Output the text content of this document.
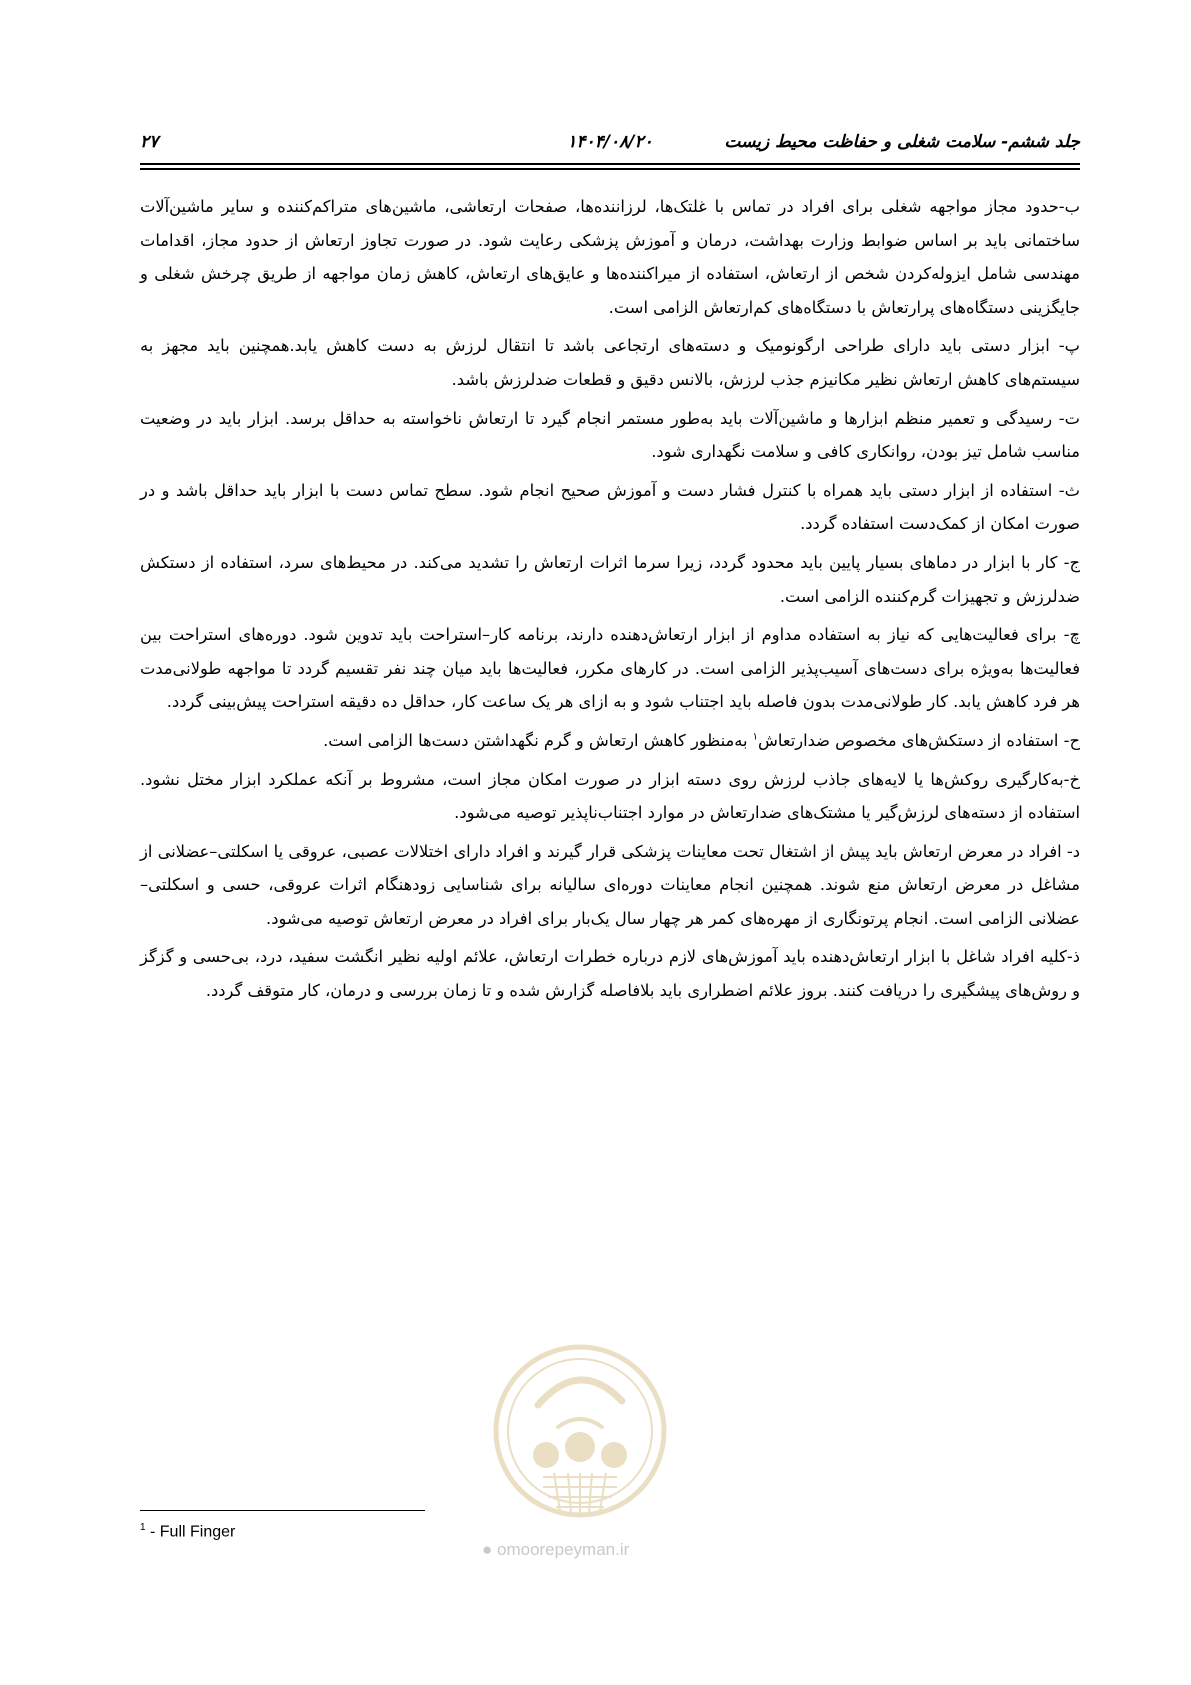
جلد ششم- سلامت شغلی و حفاظت محیط زیست
۱۴۰۴/۰۸/۲۰
۲۷

ب-حدود مجاز مواجهه شغلی برای افراد در تماس با غلتک‌ها، لرزاننده‌ها، صفحات ارتعاشی، ماشین‌های متراکم‌کننده و سایر ماشین‌آلات ساختمانی باید بر اساس ضوابط وزارت بهداشت، درمان و آموزش پزشکی رعایت شود. در صورت تجاوز ارتعاش از حدود مجاز، اقدامات مهندسی شامل ایزوله‌کردن شخص از ارتعاش، استفاده از میراکننده‌ها و عایق‌های ارتعاش، کاهش زمان مواجهه از طریق چرخش شغلی و جایگزینی دستگاه‌های پرارتعاش با دستگاه‌های کم‌ارتعاش الزامی است.

پ- ابزار دستی باید دارای طراحی ارگونومیک و دسته‌های ارتجاعی باشد تا انتقال لرزش به دست کاهش یابد.همچنین باید مجهز به سیستم‌های کاهش ارتعاش نظیر مکانیزم جذب لرزش، بالانس دقیق و قطعات ضدلرزش باشد.

ت- رسیدگی و تعمیر منظم ابزارها و ماشین‌آلات باید به‌طور مستمر انجام گیرد تا ارتعاش ناخواسته به حداقل برسد. ابزار باید در وضعیت مناسب شامل تیز بودن، روانکاری کافی و سلامت نگهداری شود.

ث- استفاده از ابزار دستی باید همراه با کنترل فشار دست و آموزش صحیح انجام شود. سطح تماس دست با ابزار باید حداقل باشد و در صورت امکان از کمک‌دست استفاده گردد.

ج- کار با ابزار در دماهای بسیار پایین باید محدود گردد، زیرا سرما اثرات ارتعاش را تشدید می‌کند. در محیط‌های سرد، استفاده از دستکش ضدلرزش و تجهیزات گرم‌کننده الزامی است.

چ- برای فعالیت‌هایی که نیاز به استفاده مداوم از ابزار ارتعاش‌دهنده دارند، برنامه کار–استراحت باید تدوین شود. دوره‌های استراحت بین فعالیت‌ها به‌ویژه برای دست‌های آسیب‌پذیر الزامی است. در کارهای مکرر، فعالیت‌ها باید میان چند نفر تقسیم گردد تا مواجهه طولانی‌مدت هر فرد کاهش یابد. کار طولانی‌مدت بدون فاصله باید اجتناب شود و به ازای هر یک ساعت کار، حداقل ده دقیقه استراحت پیش‌بینی گردد.

ح- استفاده از دستکش‌های مخصوص ضدارتعاش$^۱$ به‌منظور کاهش ارتعاش و گرم نگهداشتن دست‌ها الزامی است.

خ-به‌کارگیری روکش‌ها یا لایه‌های جاذب لرزش روی دسته ابزار در صورت امکان مجاز است، مشروط بر آنکه عملکرد ابزار مختل نشود. استفاده از دسته‌های لرزش‌گیر یا مشتک‌های ضدارتعاش در موارد اجتناب‌ناپذیر توصیه می‌شود.

د- افراد در معرض ارتعاش باید پیش از اشتغال تحت معاینات پزشکی قرار گیرند و افراد دارای اختلالات عصبی، عروقی یا اسکلتی–عضلانی از مشاغل در معرض ارتعاش منع شوند. همچنین انجام معاینات دوره‌ای سالیانه برای شناسایی زودهنگام اثرات عروقی، حسی و اسکلتی–عضلانی الزامی است. انجام پرتونگاری از مهره‌های کمر هر چهار سال یک‌بار برای افراد در معرض ارتعاش توصیه می‌شود.

ذ-کلیه افراد شاغل با ابزار ارتعاش‌دهنده باید آموزش‌های لازم درباره خطرات ارتعاش، علائم اولیه نظیر انگشت سفید، درد، بی‌حسی و گزگز و روش‌های پیشگیری را دریافت کنند. بروز علائم اضطراری باید بلافاصله گزارش شده و تا زمان بررسی و درمان، کار متوقف گردد.

$^1$ - Full Finger
● omoorepeyman.ir
